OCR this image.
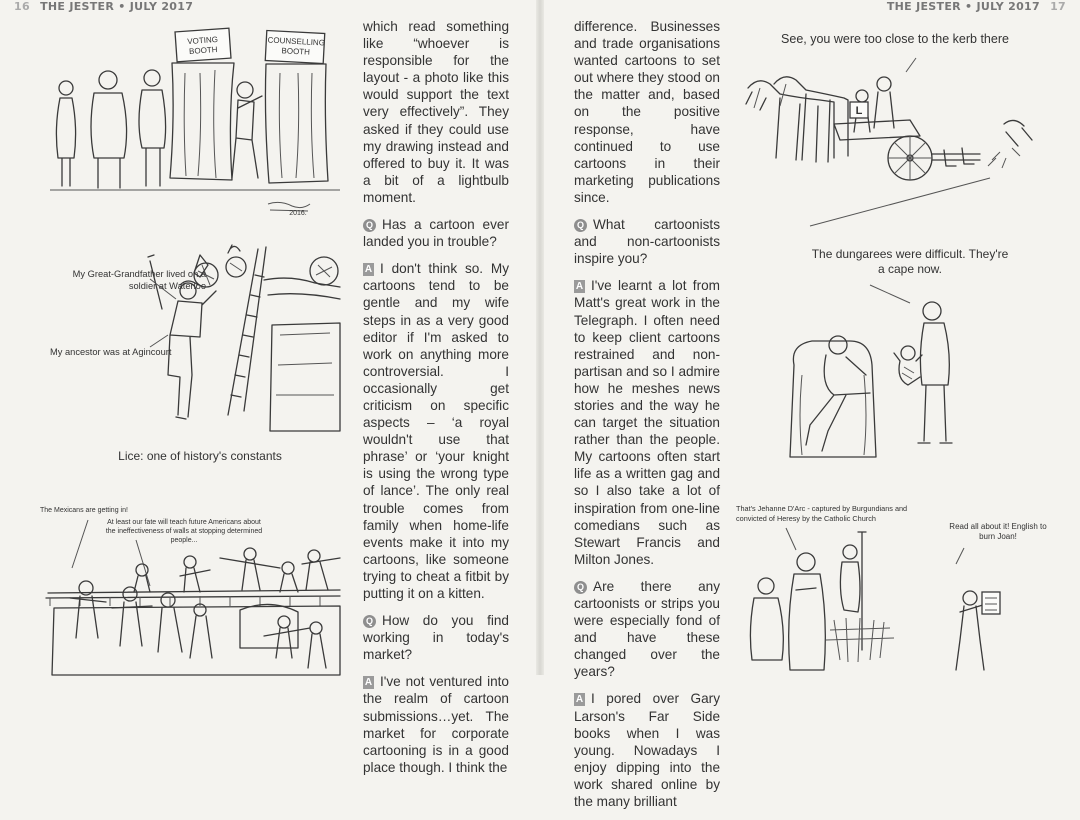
16 THE JESTER • JULY 2017
VOTING BOOTH
COUNSELLING BOOTH
2016.
My Great-Grandfather lived on a soldier at Waterloo
My ancestor was at Agincourt
Lice: one of history's constants
The Mexicans are getting in!
At least our fate will teach future Americans about the ineffectiveness of walls at stopping determined people...

which read something like “whoever is responsible for the layout - a photo like this would support the text very effectively”. They asked if they could use my drawing instead and offered to buy it. It was a bit of a lightbulb moment.

Q Has a cartoon ever landed you in trouble?

A I don't think so. My cartoons tend to be gentle and my wife steps in as a very good editor if I'm asked to work on anything more controversial. I occasionally get criticism on specific aspects – ‘a royal wouldn't use that phrase’ or ‘your knight is using the wrong type of lance’. The only real trouble comes from family when home-life events make it into my cartoons, like someone trying to cheat a fitbit by putting it on a kitten.

Q How do you find working in today's market?

A I've not ventured into the realm of cartoon submissions…yet. The market for corporate cartooning is in a good place though. I think the

THE JESTER • JULY 2017 17

difference. Businesses and trade organisations wanted cartoons to set out where they stood on the matter and, based on the positive response, have continued to use cartoons in their marketing publications since.

Q What cartoonists and non-cartoonists inspire you?

A I've learnt a lot from Matt's great work in the Telegraph. I often need to keep client cartoons restrained and non-partisan and so I admire how he meshes news stories and the way he can target the situation rather than the people. My cartoons often start life as a written gag and so I also take a lot of inspiration from one-line comedians such as Stewart Francis and Milton Jones.

Q Are there any cartoonists or strips you were especially fond of and have these changed over the years?

A I pored over Gary Larson's Far Side books when I was young. Nowadays I enjoy dipping into the work shared online by the many brilliant

See, you were too close to the kerb there
L
The dungarees were difficult. They're a cape now.
That's Jehanne D'Arc - captured by Burgundians and convicted of Heresy by the Catholic Church
Read all about it! English to burn Joan!
